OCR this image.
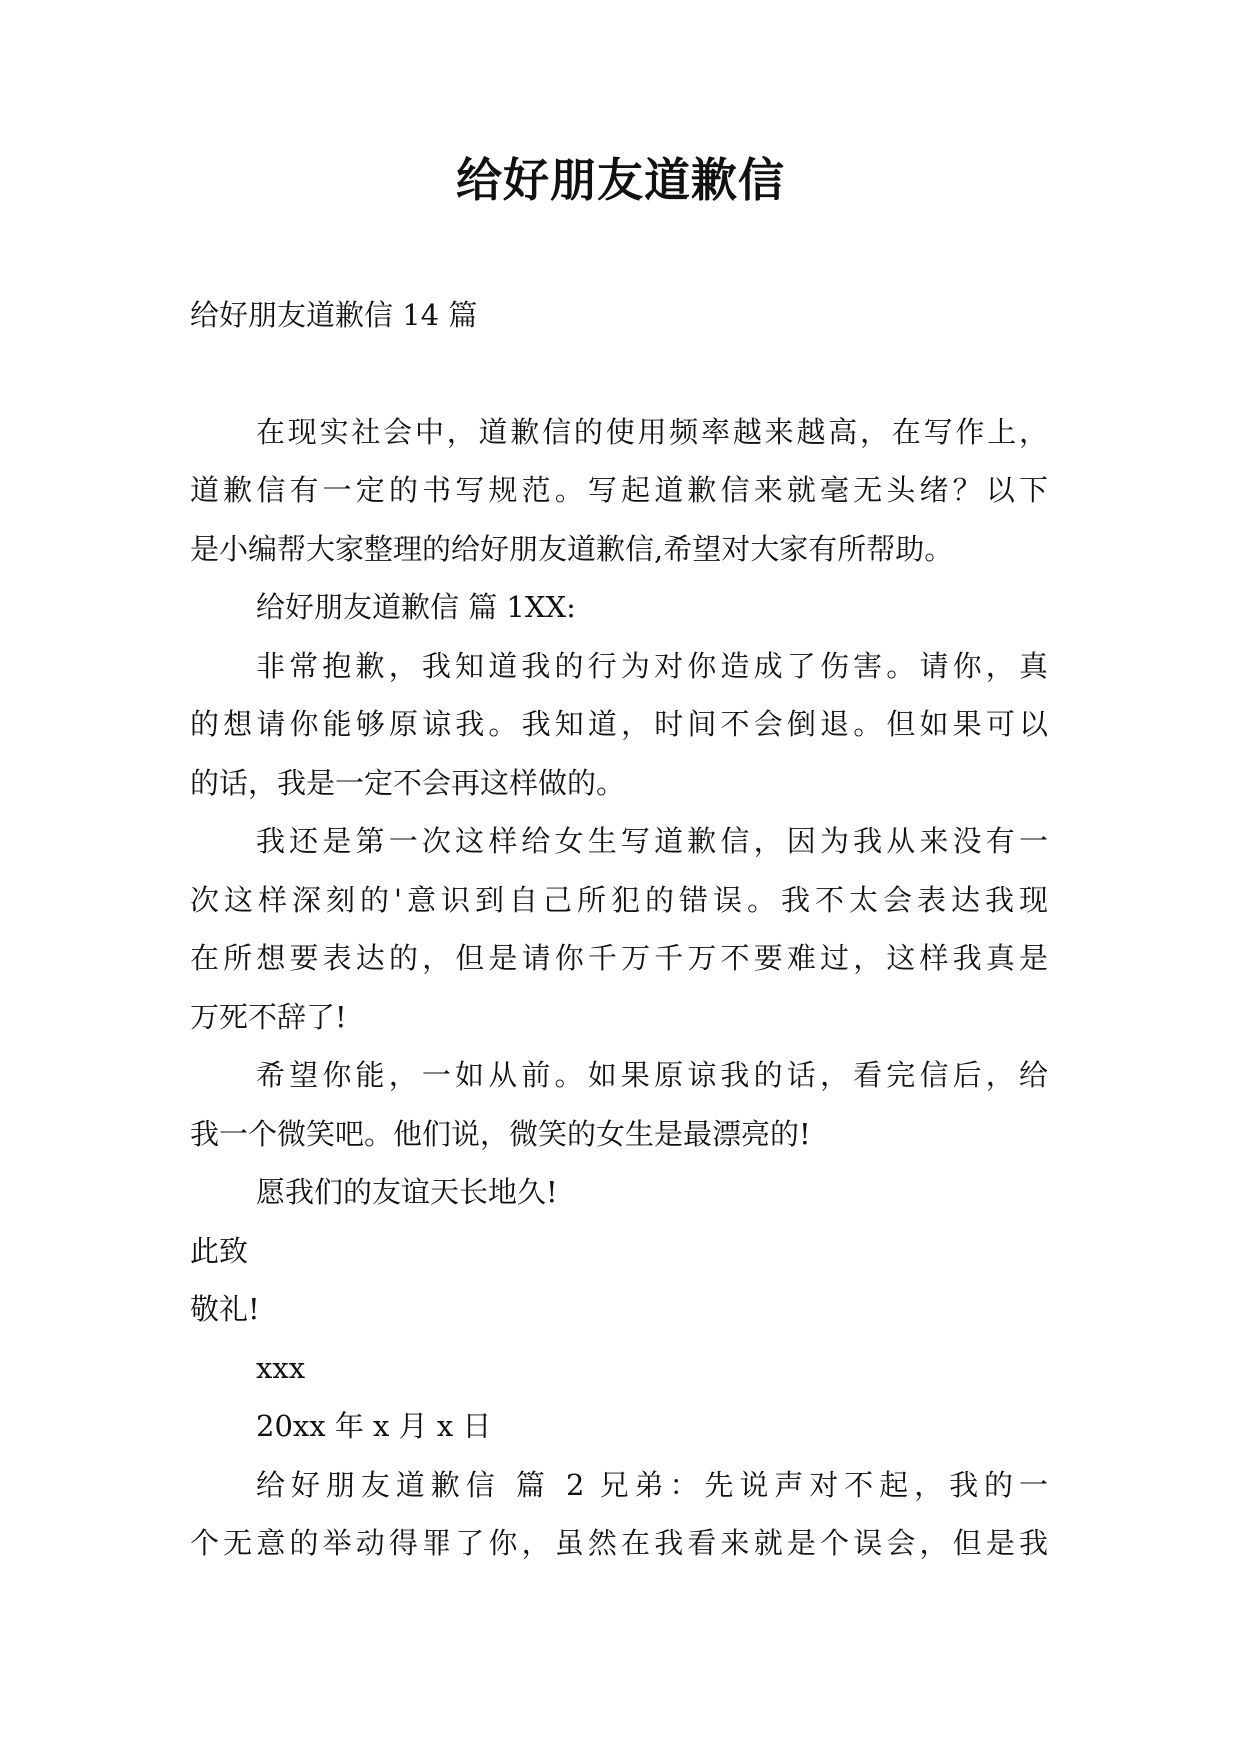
给好朋友道歉信
给好朋友道歉信 14 篇
在现实社会中，道歉信的使用频率越来越高，在写作上，
道歉信有一定的书写规范。写起道歉信来就毫无头绪？以下
是小编帮大家整理的给好朋友道歉信,希望对大家有所帮助。
给好朋友道歉信 篇 1XX:
非常抱歉，我知道我的行为对你造成了伤害。请你，真
的想请你能够原谅我。我知道，时间不会倒退。但如果可以
的话，我是一定不会再这样做的。
我还是第一次这样给女生写道歉信，因为我从来没有一
次这样深刻的'意识到自己所犯的错误。我不太会表达我现
在所想要表达的，但是请你千万千万不要难过，这样我真是
万死不辞了!
希望你能，一如从前。如果原谅我的话，看完信后，给
我一个微笑吧。他们说，微笑的女生是最漂亮的!
愿我们的友谊天长地久!
此致
敬礼!
xxx
20xx 年 x 月 x 日
给好朋友道歉信 篇 2 兄弟：先说声对不起，我的一
个无意的举动得罪了你，虽然在我看来就是个误会，但是我
